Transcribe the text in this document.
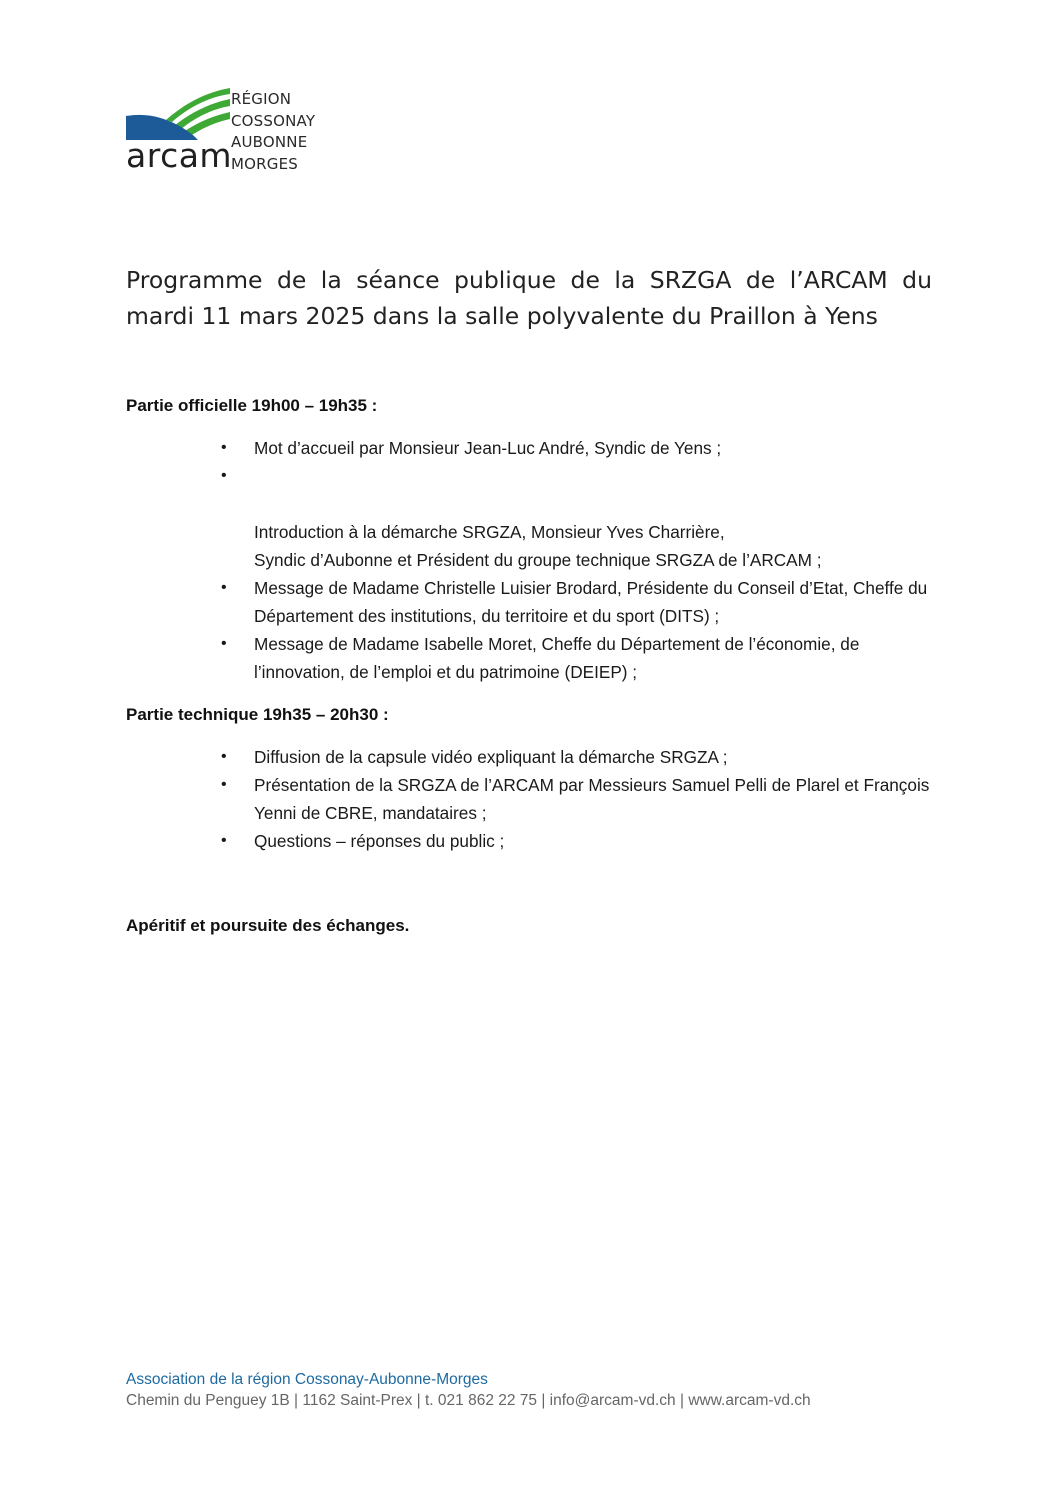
arcam
RÉGION
COSSONAY
AUBONNE
MORGES
Programme de la séance publique de la SRZGA de l’ARCAM du mardi 11 mars 2025 dans la salle polyvalente du Praillon à Yens

Partie officielle 19h00 – 19h35 :

• Mot d’accueil par Monsieur Jean-Luc André, Syndic de Yens ;

•

Introduction à la démarche SRGZA, Monsieur Yves Charrière,
Syndic d’Aubonne et Président du groupe technique SRGZA de l’ARCAM ;

• Message de Madame Christelle Luisier Brodard, Présidente du Conseil d’Etat, Cheffe du Département des institutions, du territoire et du sport (DITS) ;
• Message de Madame Isabelle Moret, Cheffe du Département de l’économie, de l’innovation, de l’emploi et du patrimoine (DEIEP) ;

Partie technique 19h35 – 20h30 :

• Diffusion de la capsule vidéo expliquant la démarche SRGZA ;
• Présentation de la SRGZA de l’ARCAM par Messieurs Samuel Pelli de Plarel et François Yenni de CBRE, mandataires ;
• Questions – réponses du public ;

Apéritif et poursuite des échanges.

Association de la région Cossonay-Aubonne-Morges
Chemin du Penguey 1B | 1162 Saint-Prex | t. 021 862 22 75 | info@arcam-vd.ch | www.arcam-vd.ch
